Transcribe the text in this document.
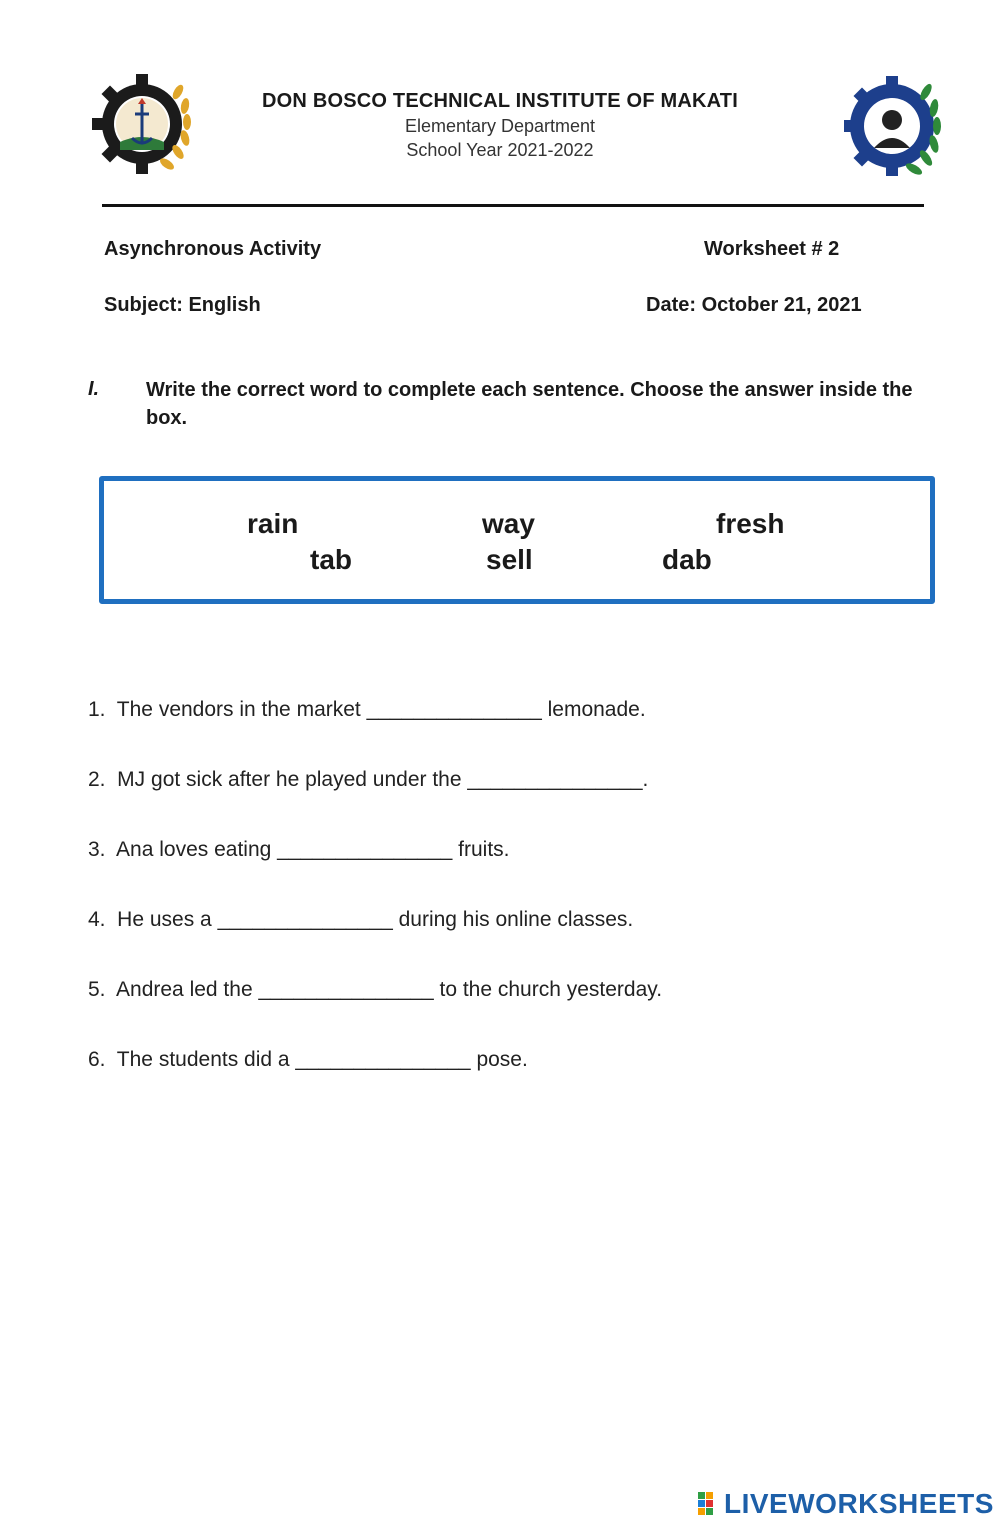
DON BOSCO TECHNICAL INSTITUTE OF MAKATI
Elementary Department
School Year 2021-2022
Asynchronous Activity	Worksheet # 2
Subject: English	Date: October 21, 2021
I. Write the correct word to complete each sentence. Choose the answer inside the box.
rain	way	fresh
tab	sell	dab
1.  The vendors in the market _______________ lemonade.
2.  MJ got sick after he played under the _______________.
3.  Ana loves eating _______________ fruits.
4.  He uses a _______________ during his online classes.
5.  Andrea led the _______________ to the church yesterday.
6.  The students did a _______________ pose.
LIVEWORKSHEETS
